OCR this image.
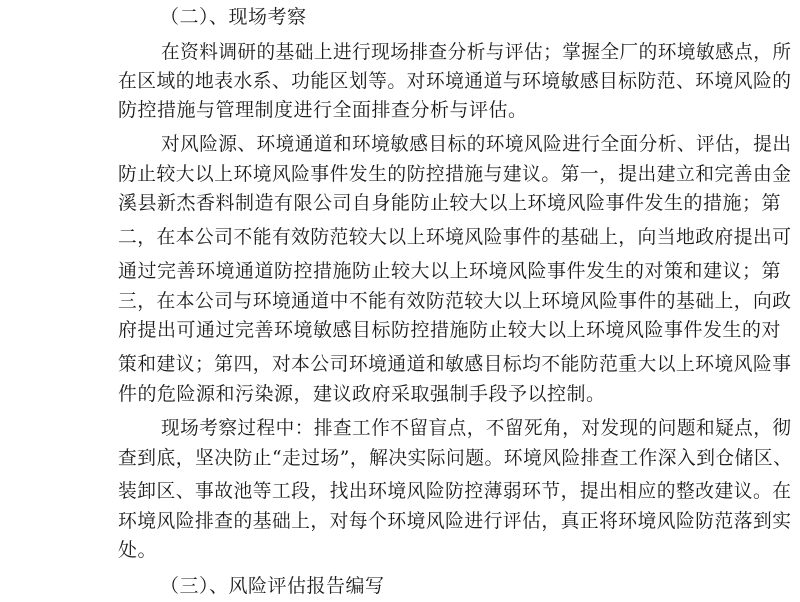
（二）、现场考察
在资料调研的基础上进行现场排查分析与评估；掌握全厂的环境敏感点，所
在区域的地表水系、功能区划等。对环境通道与环境敏感目标防范、环境风险的
防控措施与管理制度进行全面排查分析与评估。
对风险源、环境通道和环境敏感目标的环境风险进行全面分析、评估，提出
防止较大以上环境风险事件发生的防控措施与建议。第一，提出建立和完善由金
溪县新杰香料制造有限公司自身能防止较大以上环境风险事件发生的措施；第
二，在本公司不能有效防范较大以上环境风险事件的基础上，向当地政府提出可
通过完善环境通道防控措施防止较大以上环境风险事件发生的对策和建议；第
三，在本公司与环境通道中不能有效防范较大以上环境风险事件的基础上，向政
府提出可通过完善环境敏感目标防控措施防止较大以上环境风险事件发生的对
策和建议；第四，对本公司环境通道和敏感目标均不能防范重大以上环境风险事
件的危险源和污染源，建议政府采取强制手段予以控制。
现场考察过程中：排查工作不留盲点，不留死角，对发现的问题和疑点，彻
查到底，坚决防止“走过场”，解决实际问题。环境风险排查工作深入到仓储区、
装卸区、事故池等工段，找出环境风险防控薄弱环节，提出相应的整改建议。在
环境风险排查的基础上，对每个环境风险进行评估，真正将环境风险防范落到实
处。
（三）、风险评估报告编写
